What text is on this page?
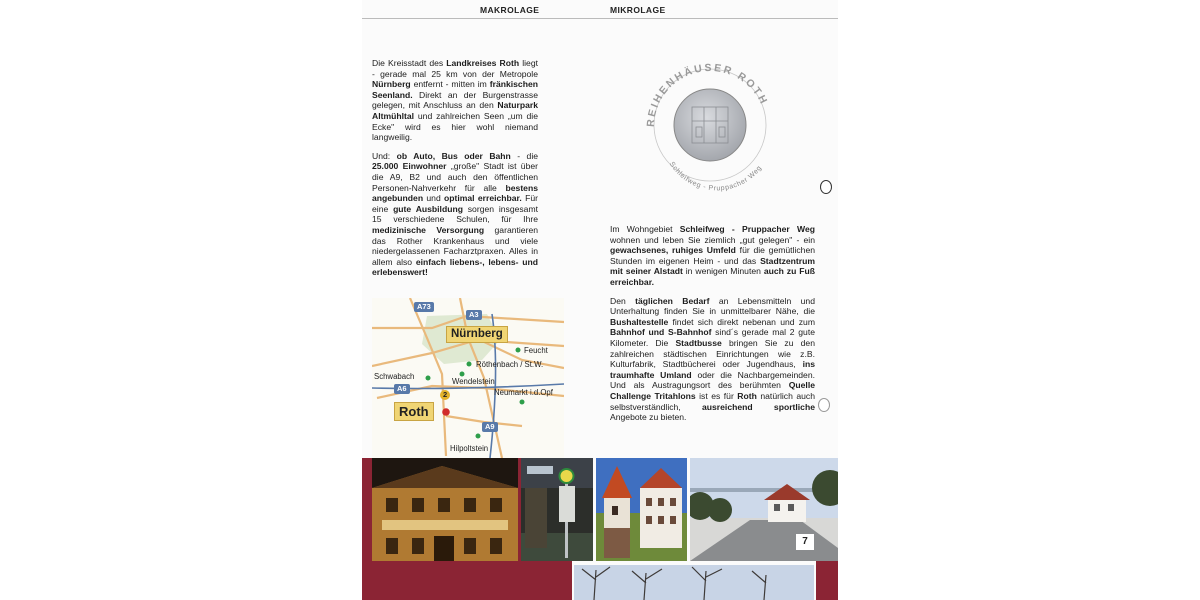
MAKROLAGE	MIKROLAGE

Die Kreisstadt des Landkreises Roth liegt - gerade mal 25 km von der Metropole Nürnberg entfernt - mitten im fränkischen Seenland. Direkt an der Burgenstrasse gelegen, mit Anschluss an den Naturpark Altmühltal und zahlreichen Seen „um die Ecke" wird es hier wohl niemand langweilig.

Und: ob Auto, Bus oder Bahn - die 25.000 Einwohner „große" Stadt ist über die A9, B2 und auch den öffentlichen Personen-Nahverkehr für alle bestens angebunden und optimal erreichbar. Für eine gute Ausbildung sorgen insgesamt 15 verschiedene Schulen, für Ihre medizinische Versorgung garantieren das Rother Krankenhaus und viele niedergelassenen Facharztpraxen. Alles in allem also einfach liebens-, lebens- und erlebenswert!

REIHENHÄUSER ROTH
Schleifweg - Pruppacher Weg

Im Wohngebiet Schleifweg - Pruppacher Weg wohnen und leben Sie ziemlich „gut gelegen" - ein gewachsenes, ruhiges Umfeld für die gemütlichen Stunden im eigenen Heim - und das Stadtzentrum mit seiner Alstadt in wenigen Minuten auch zu Fuß erreichbar.

Den täglichen Bedarf an Lebensmitteln und Unterhaltung finden Sie in unmittelbarer Nähe, die Bushaltestelle findet sich direkt nebenan und zum Bahnhof und S-Bahnhof sind´s gerade mal 2 gute Kilometer. Die Stadtbusse bringen Sie zu den zahlreichen städtischen Einrichtungen wie z.B. Kulturfabrik, Stadtbücherei oder Jugendhaus, ins traumhafte Umland oder die Nachbargemeinden. Und als Austragungsort des berühmten Quelle Challenge Tritahlons ist es für Roth natürlich auch selbstverständlich, ausreichend sportliche Angebote zu bieten.

A73
A3
A6
A9
2
Nürnberg
Feucht
Röthenbach / St.W.
Schwabach
Wendelstein
Neumarkt i.d.Opf
Roth
Hilpoltstein
7
